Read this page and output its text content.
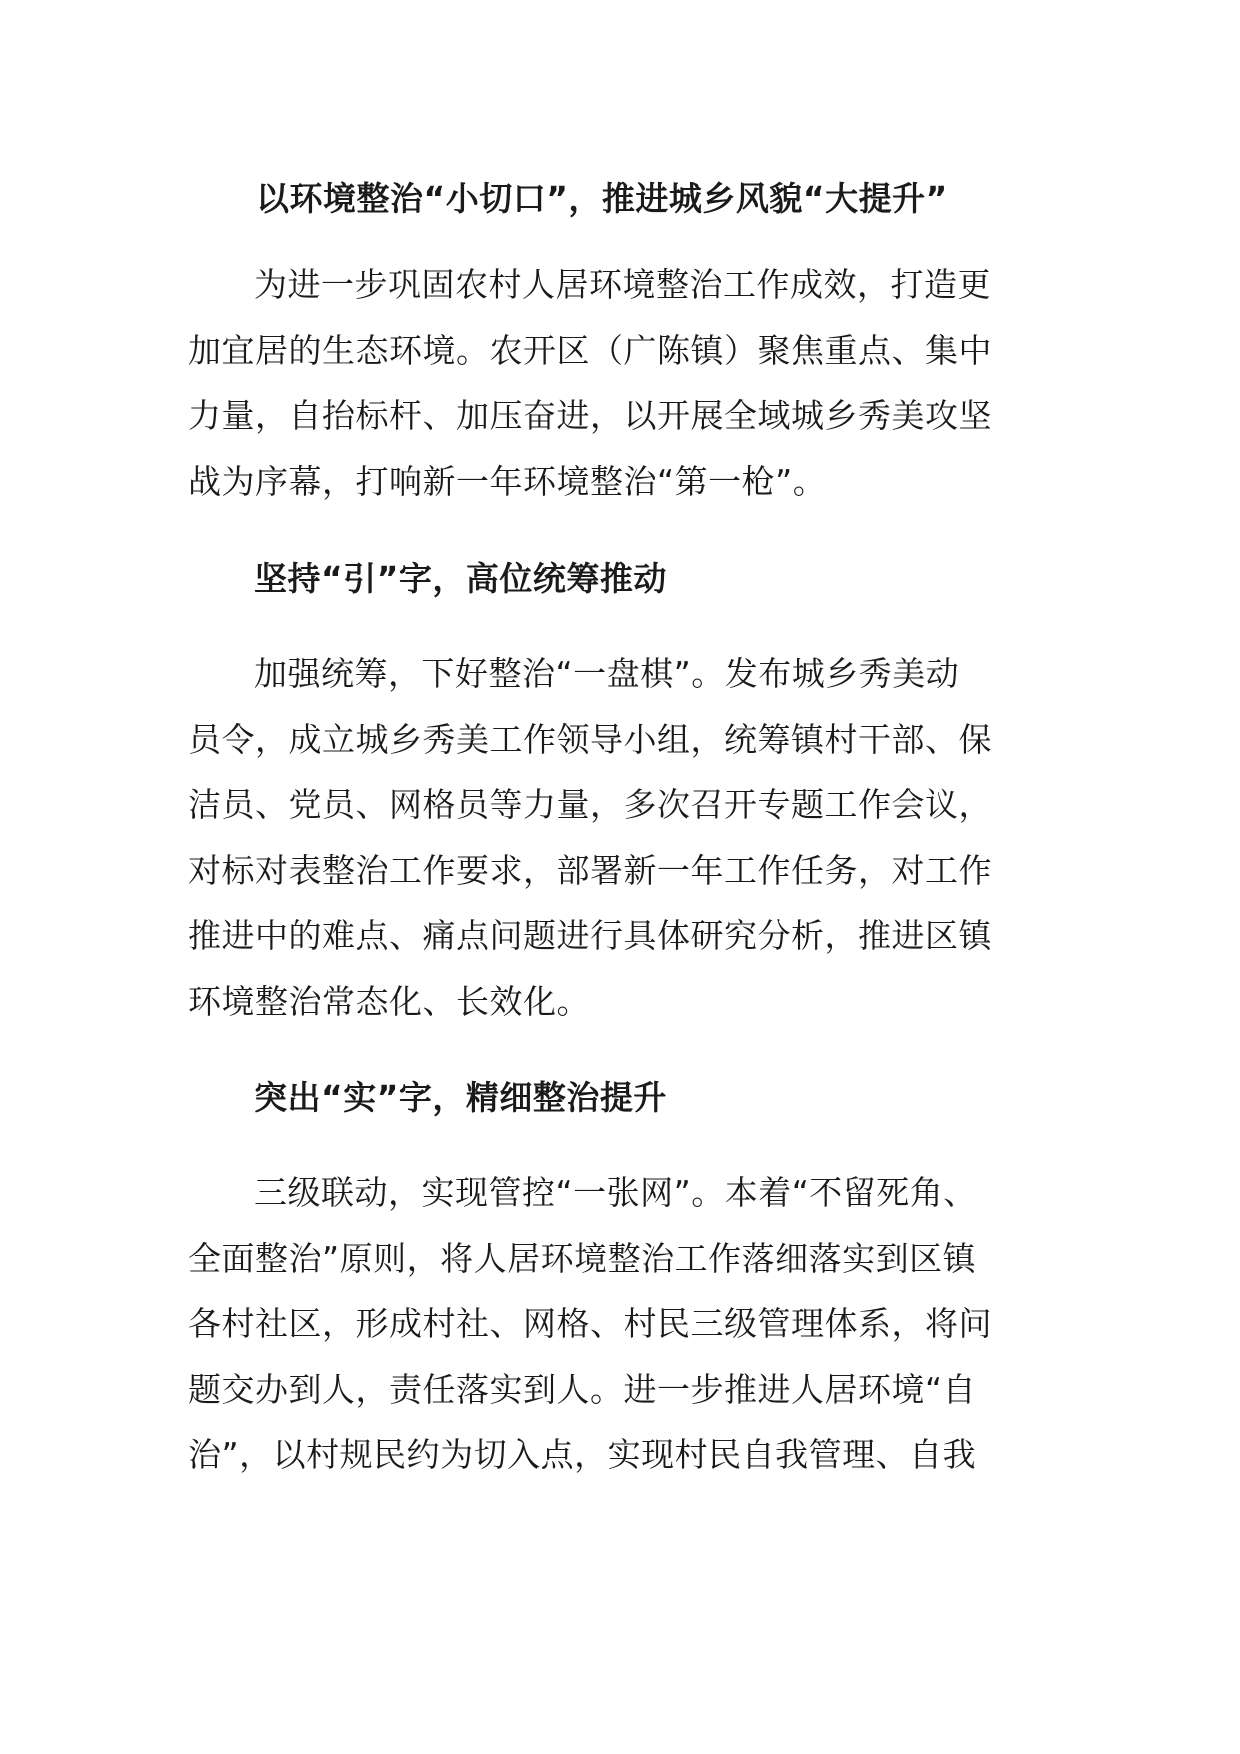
以环境整治“小切口”，推进城乡风貌“大提升”

为进一步巩固农村人居环境整治工作成效，打造更

加宜居的生态环境。农开区（广陈镇）聚焦重点、集中

力量，自抬标杆、加压奋进，以开展全域城乡秀美攻坚

战为序幕，打响新一年环境整治“第一枪”。

坚持“引”字，高位统筹推动

加强统筹，下好整治“一盘棋”。发布城乡秀美动

员令，成立城乡秀美工作领导小组，统筹镇村干部、保

洁员、党员、网格员等力量，多次召开专题工作会议，

对标对表整治工作要求，部署新一年工作任务，对工作

推进中的难点、痛点问题进行具体研究分析，推进区镇

环境整治常态化、长效化。

突出“实”字，精细整治提升

三级联动，实现管控“一张网”。本着“不留死角、

全面整治”原则，将人居环境整治工作落细落实到区镇

各村社区，形成村社、网格、村民三级管理体系，将问

题交办到人，责任落实到人。进一步推进人居环境“自

治”，以村规民约为切入点，实现村民自我管理、自我
